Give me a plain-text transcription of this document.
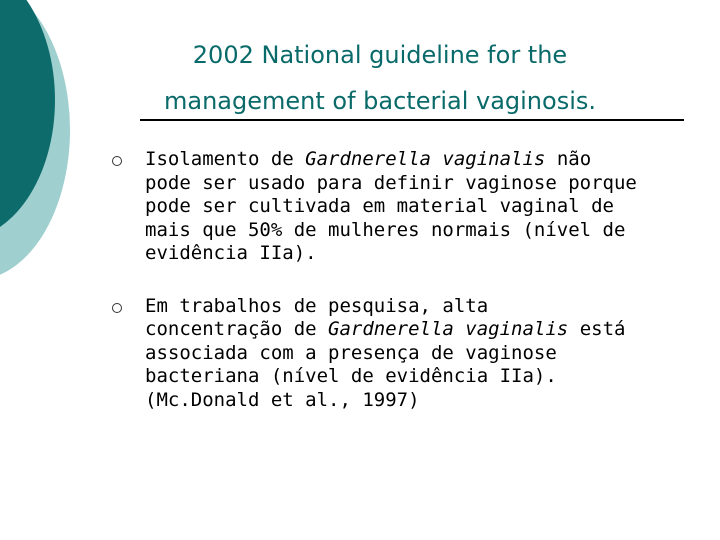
2002 National guideline for the
management of bacterial vaginosis.
Isolamento de Gardnerella vaginalis não
pode ser usado para definir vaginose porque
pode ser cultivada em material vaginal de
mais que 50% de mulheres normais (nível de
evidência IIa).
Em trabalhos de pesquisa, alta
concentração de Gardnerella vaginalis está
associada com a presença de vaginose
bacteriana (nível de evidência IIa).
(Mc.Donald et al., 1997)
